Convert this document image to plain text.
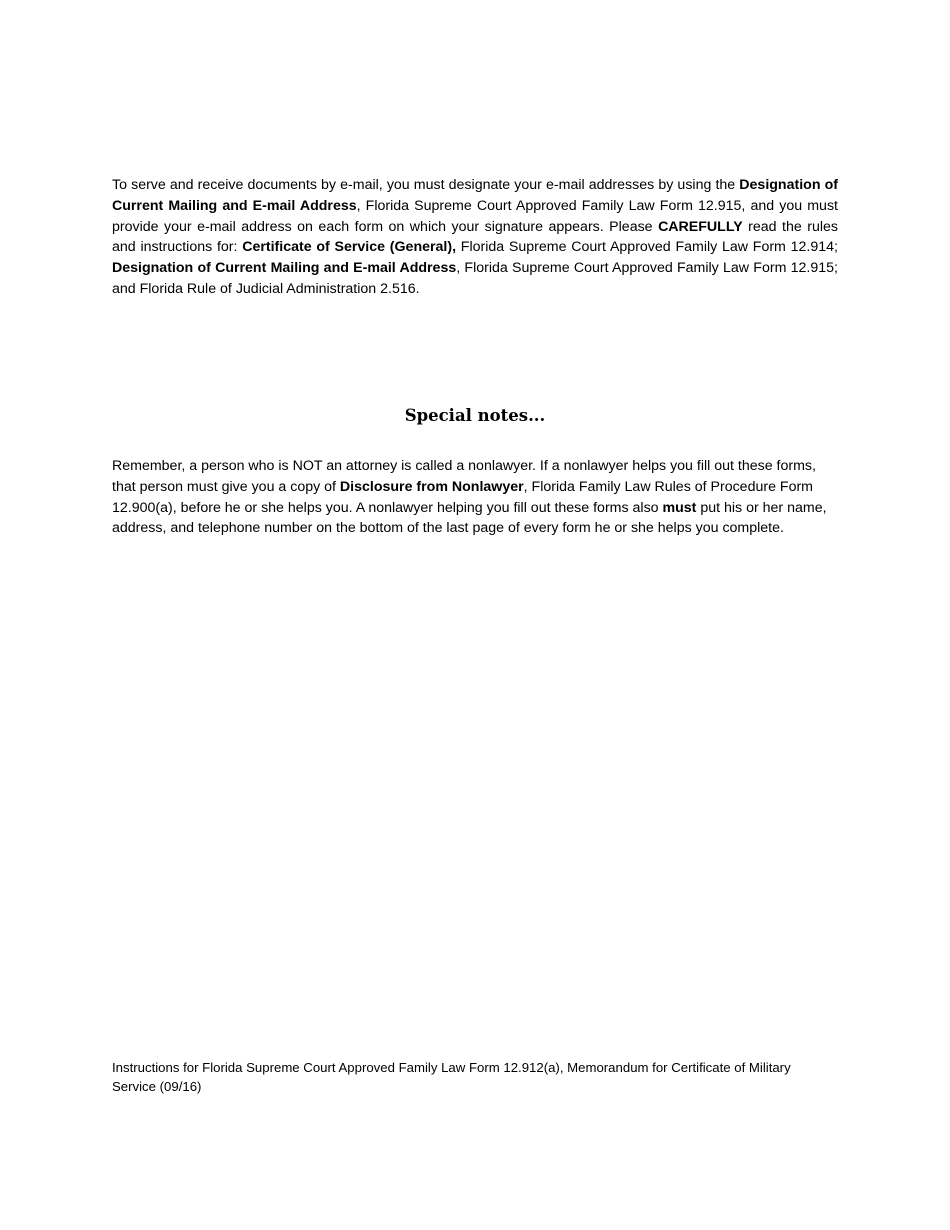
To serve and receive documents by e-mail, you must designate your e-mail addresses by using the Designation of Current Mailing and E-mail Address, Florida Supreme Court Approved Family Law Form 12.915, and you must provide your e-mail address on each form on which your signature appears. Please CAREFULLY read the rules and instructions for: Certificate of Service (General), Florida Supreme Court Approved Family Law Form 12.914; Designation of Current Mailing and E-mail Address, Florida Supreme Court Approved Family Law Form 12.915; and Florida Rule of Judicial Administration 2.516.

Special notes...

Remember, a person who is NOT an attorney is called a nonlawyer. If a nonlawyer helps you fill out these forms, that person must give you a copy of Disclosure from Nonlawyer, Florida Family Law Rules of Procedure Form 12.900(a), before he or she helps you. A nonlawyer helping you fill out these forms also must put his or her name, address, and telephone number on the bottom of the last page of every form he or she helps you complete.

Instructions for Florida Supreme Court Approved Family Law Form 12.912(a), Memorandum for Certificate of Military Service (09/16)
